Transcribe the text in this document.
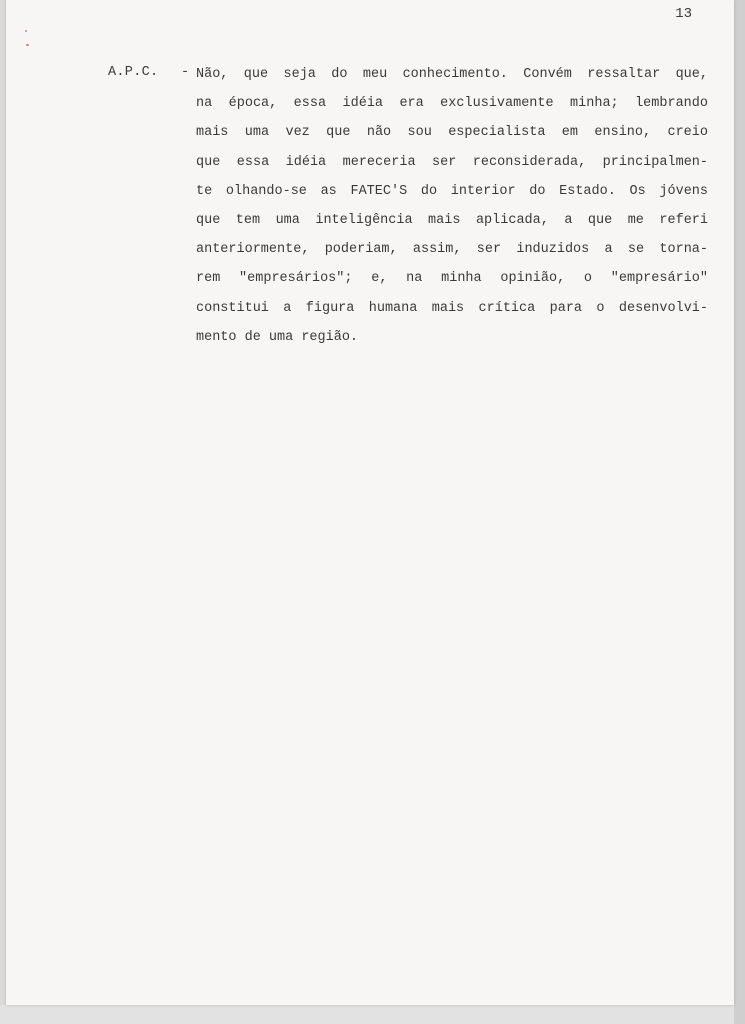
13
A.P.C. - Não, que seja do meu conhecimento. Convém ressaltar que,
na época, essa idéia era exclusivamente minha; lembrando
mais uma vez que não sou especialista em ensino, creio
que essa idéia mereceria ser reconsiderada, principalmen-
te olhando-se as FATEC'S do interior do Estado. Os jóvens
que tem uma inteligência mais aplicada, a que me referi
anteriormente, poderiam, assim, ser induzidos a se torna-
rem "empresários"; e, na minha opinião, o "empresário"
constitui a figura humana mais crítica para o desenvolvi-
mento de uma região.
